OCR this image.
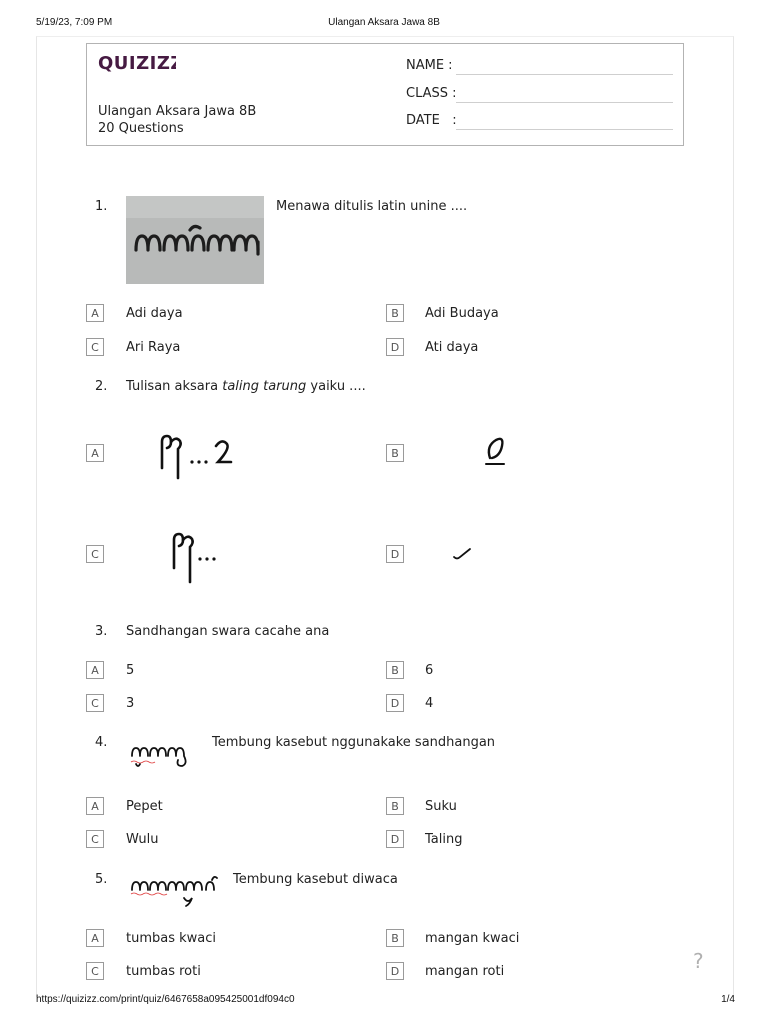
5/19/23, 7:09 PM	Ulangan Aksara Jawa 8B
QUIZIZZ
Ulangan Aksara Jawa 8B
20 Questions
NAME :
CLASS :
DATE   :
1.	Menawa ditulis latin unine ....
A	Adi daya	B	Adi Budaya
C	Ari Raya	D	Ati daya
2. Tulisan aksara taling tarung yaiku ....
A	B
C	D
3. Sandhangan swara cacahe ana
A	5	B	6
C	3	D	4
4.	Tembung kasebut nggunakake sandhangan
A	Pepet	B	Suku
C	Wulu	D	Taling
5.	Tembung kasebut diwaca
A	tumbas kwaci	B	mangan kwaci
C	tumbas roti	D	mangan roti	?
https://quizizz.com/print/quiz/6467658a095425001df094c0	1/4
